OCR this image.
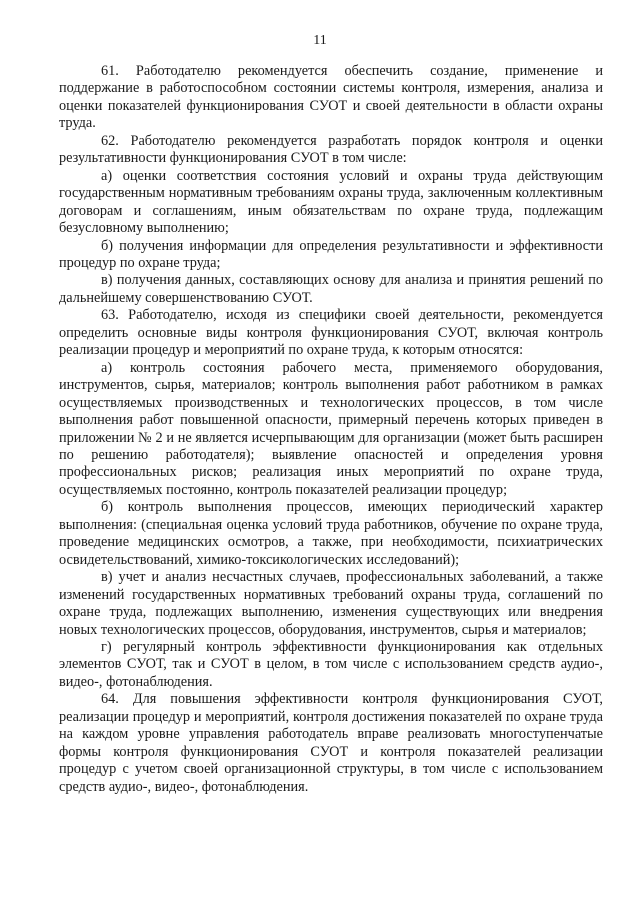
11

61. Работодателю рекомендуется обеспечить создание, применение и поддержание в работоспособном состоянии системы контроля, измерения, анализа и оценки показателей функционирования СУОТ и своей деятельности в области охраны труда.

62. Работодателю рекомендуется разработать порядок контроля и оценки результативности функционирования СУОТ в том числе:

а) оценки соответствия состояния условий и охраны труда действующим государственным нормативным требованиям охраны труда, заключенным коллективным договорам и соглашениям, иным обязательствам по охране труда, подлежащим безусловному выполнению;

б) получения информации для определения результативности и эффективности процедур по охране труда;

в) получения данных, составляющих основу для анализа и принятия решений по дальнейшему совершенствованию СУОТ.

63. Работодателю, исходя из специфики своей деятельности, рекомендуется определить основные виды контроля функционирования СУОТ, включая контроль реализации процедур и мероприятий по охране труда, к которым относятся:

а) контроль состояния рабочего места, применяемого оборудования, инструментов, сырья, материалов; контроль выполнения работ работником в рамках осуществляемых производственных и технологических процессов, в том числе выполнения работ повышенной опасности, примерный перечень которых приведен в приложении № 2 и не является исчерпывающим для организации (может быть расширен по решению работодателя); выявление опасностей и определения уровня профессиональных рисков; реализация иных мероприятий по охране труда, осуществляемых постоянно, контроль показателей реализации процедур;

б) контроль выполнения процессов, имеющих периодический характер выполнения: (специальная оценка условий труда работников, обучение по охране труда, проведение медицинских осмотров, а также, при необходимости, психиатрических освидетельствований, химико-токсикологических исследований);

в) учет и анализ несчастных случаев, профессиональных заболеваний, а также изменений государственных нормативных требований охраны труда, соглашений по охране труда, подлежащих выполнению, изменения существующих или внедрения новых технологических процессов, оборудования, инструментов, сырья и материалов;

г) регулярный контроль эффективности функционирования как отдельных элементов СУОТ, так и СУОТ в целом, в том числе с использованием средств аудио-, видео-, фотонаблюдения.

64. Для повышения эффективности контроля функционирования СУОТ, реализации процедур и мероприятий, контроля достижения показателей по охране труда на каждом уровне управления работодатель вправе реализовать многоступенчатые формы контроля функционирования СУОТ и контроля показателей реализации процедур с учетом своей организационной структуры, в том числе с использованием средств аудио-, видео-, фотонаблюдения.
